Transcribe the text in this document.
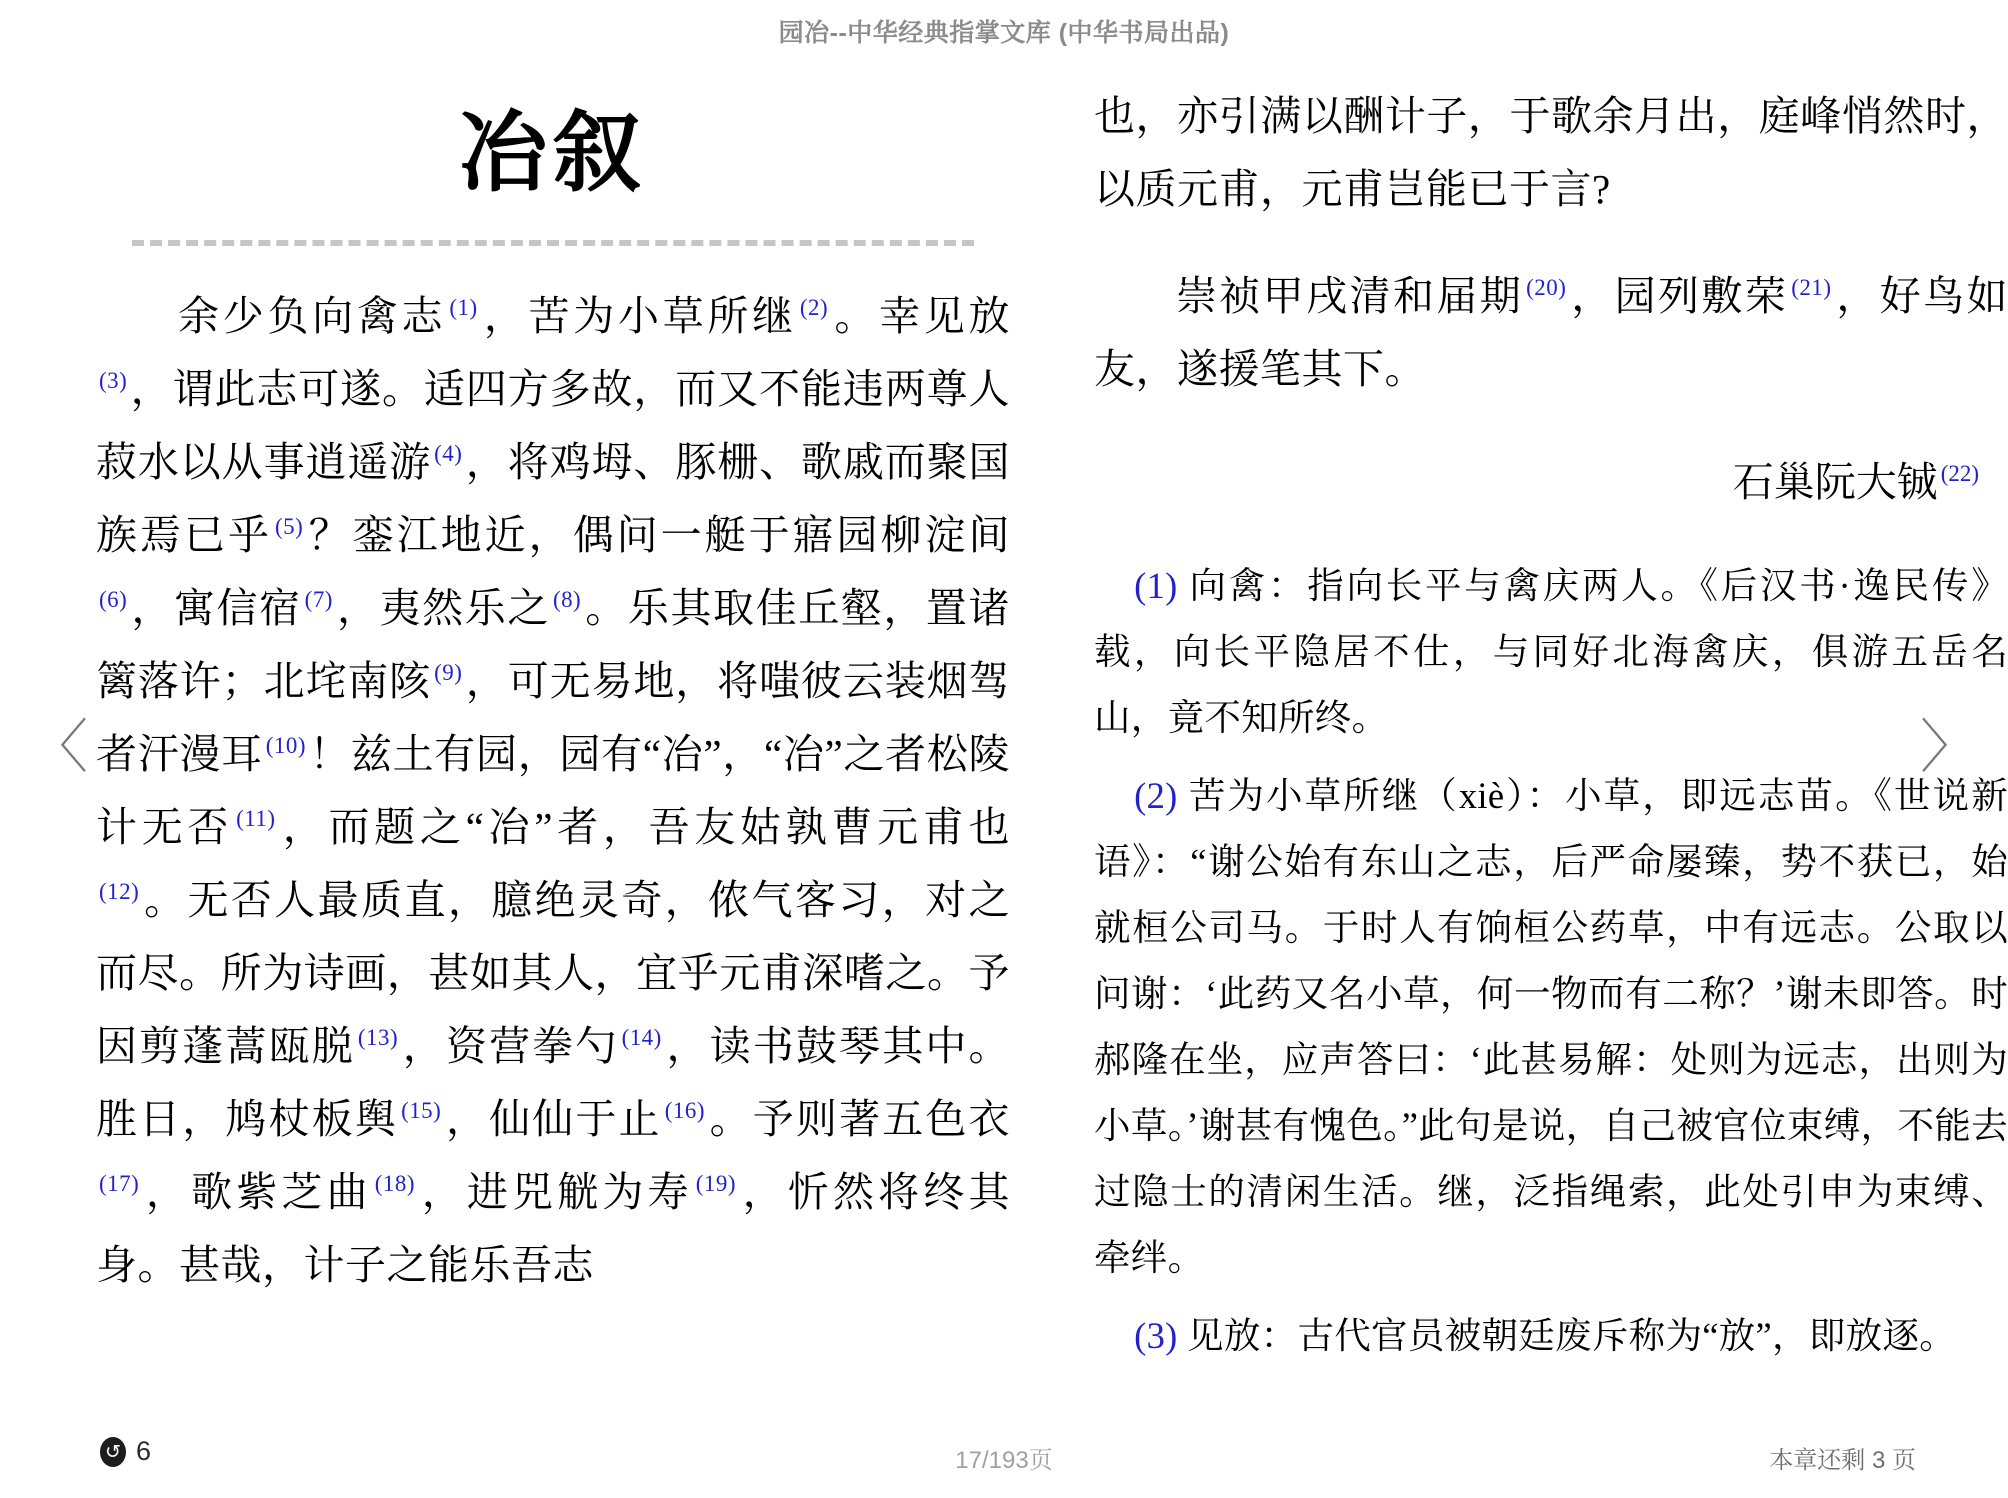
园冶--中华经典指掌文库 (中华书局出品)
〈	〉
冶叙

余少负向禽志 $^{(1)}$，苦为小草所继 $^{(2)}$。幸见放$^{(3)}$，谓此志可遂。适四方多故，而又不能违两尊人菽水以从事逍遥游 $^{(4)}$，将鸡坶、豚栅、歌戚而聚国族焉已乎 $^{(5)}$？銮江地近，偶问一艇于寤园柳淀间$^{(6)}$，寓信宿 $^{(7)}$，夷然乐之 $^{(8)}$。乐其取佳丘壑，置诸篱落许；北垞南陔 $^{(9)}$，可无易地，将嗤彼云装烟驾者汗漫耳 $^{(10)}$！兹土有园，园有“冶”，“冶”之者松陵计无否 $^{(11)}$，而题之“冶”者，吾友姑孰曹元甫也$^{(12)}$。无否人最质直，臆绝灵奇，侬气客习，对之而尽。所为诗画，甚如其人，宜乎元甫深嗜之。予因剪蓬蒿瓯脱 $^{(13)}$，资营拳勺 $^{(14)}$，读书鼓琴其中。胜日，鸠杖板舆 $^{(15)}$，仙仙于止 $^{(16)}$。予则著五色衣$^{(17)}$，歌紫芝曲 $^{(18)}$，进兕觥为寿 $^{(19)}$，忻然将终其身。甚哉，计子之能乐吾志

也，亦引满以酬计子，于歌余月出，庭峰悄然时，以质元甫，元甫岂能已于言?

崇祯甲戌清和届期 $^{(20)}$，园列敷荣 $^{(21)}$，好鸟如友，遂援笔其下。

石巢阮大铖 $^{(22)}$

(1) 向禽：指向长平与禽庆两人。《后汉书·逸民传》载，向长平隐居不仕，与同好北海禽庆，俱游五岳名山，竟不知所终。

(2) 苦为小草所继（xiè）：小草，即远志苗。《世说新语》：“谢公始有东山之志，后严命屡臻，势不获已，始就桓公司马。于时人有饷桓公药草，中有远志。公取以问谢：‘此药又名小草，何一物而有二称？’谢未即答。时郝隆在坐，应声答曰：‘此甚易解：处则为远志，出则为小草。’谢甚有愧色。”此句是说，自己被官位束缚，不能去过隐士的清闲生活。继，泛指绳索，此处引申为束缚、牵绊。

(3) 见放：古代官员被朝廷废斥称为“放”，即放逐。

↺ 6	17/193页	本章还剩 3 页
